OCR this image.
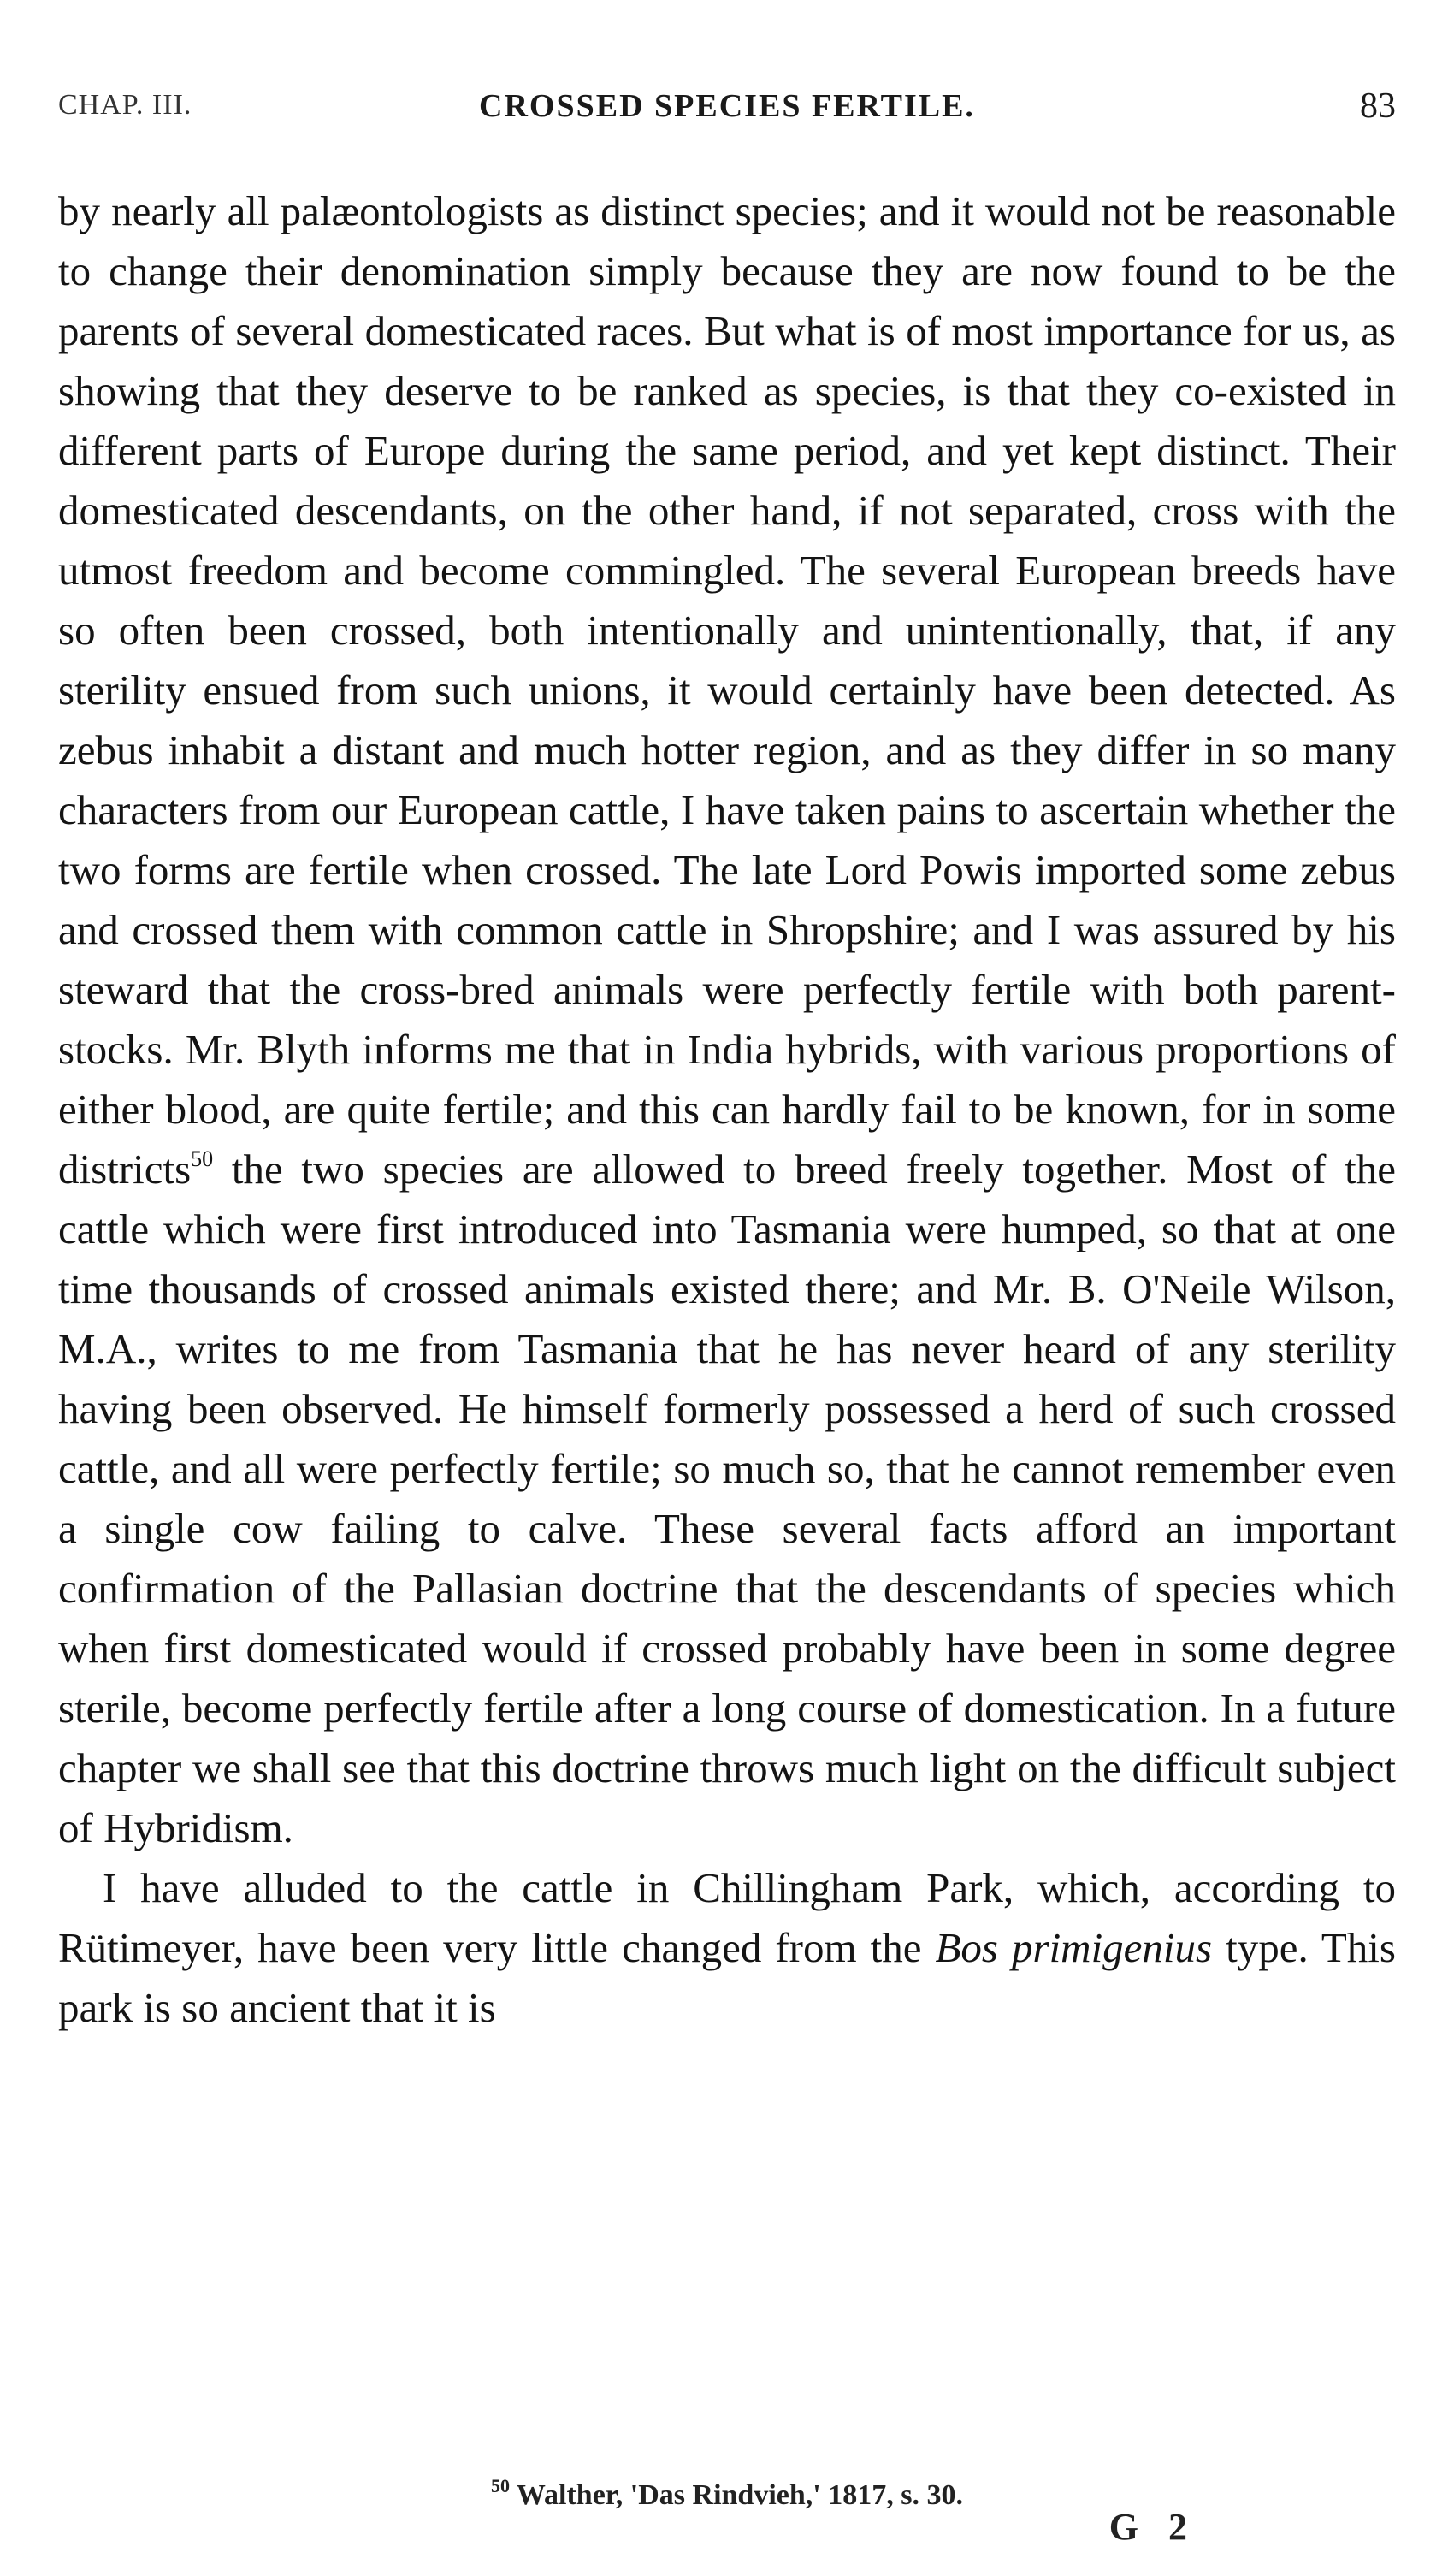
CHAP. III.	CROSSED SPECIES FERTILE.	83

by nearly all palæontologists as distinct species; and it would not be reasonable to change their denomination simply because they are now found to be the parents of several domesticated races. But what is of most importance for us, as showing that they deserve to be ranked as species, is that they co-existed in different parts of Europe during the same period, and yet kept distinct. Their domesticated descendants, on the other hand, if not separated, cross with the utmost freedom and become commingled. The several European breeds have so often been crossed, both intentionally and unintentionally, that, if any sterility ensued from such unions, it would certainly have been detected. As zebus inhabit a distant and much hotter region, and as they differ in so many characters from our European cattle, I have taken pains to ascertain whether the two forms are fertile when crossed. The late Lord Powis imported some zebus and crossed them with common cattle in Shropshire; and I was assured by his steward that the cross-bred animals were perfectly fertile with both parent-stocks. Mr. Blyth informs me that in India hybrids, with various proportions of either blood, are quite fertile; and this can hardly fail to be known, for in some districts$^{50}$ the two species are allowed to breed freely together. Most of the cattle which were first introduced into Tasmania were humped, so that at one time thousands of crossed animals existed there; and Mr. B. O'Neile Wilson, M.A., writes to me from Tasmania that he has never heard of any sterility having been observed. He himself formerly possessed a herd of such crossed cattle, and all were perfectly fertile; so much so, that he cannot remember even a single cow failing to calve. These several facts afford an important confirmation of the Pallasian doctrine that the descendants of species which when first domesticated would if crossed probably have been in some degree sterile, become perfectly fertile after a long course of domestication. In a future chapter we shall see that this doctrine throws much light on the difficult subject of Hybridism.

I have alluded to the cattle in Chillingham Park, which, according to Rütimeyer, have been very little changed from the Bos primigenius type. This park is so ancient that it is

$^{50}$ Walther, 'Das Rindvieh,' 1817, s. 30.
G 2
